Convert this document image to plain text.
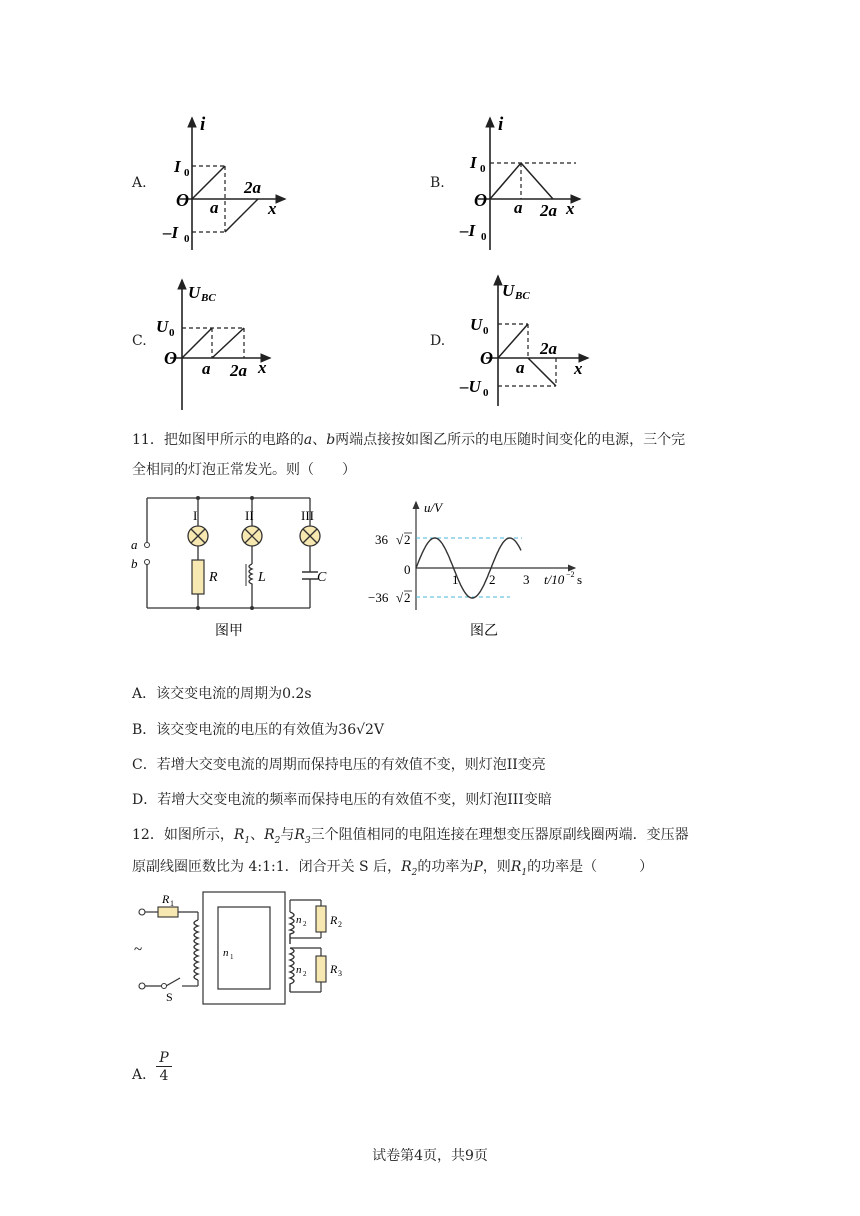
A.
i
I 0
O a
2a
x
–I 0
B.
i
I 0
O a 2a x
–I 0
C.
U BC
U 0
O
a 2a x
D.
U BC
U 0
O a
2a
x
–U 0
11．把如图甲所示的电路的a、b两端点接按如图乙所示的电压随时间变化的电源，三个完
全相同的灯泡正常发光。则（　　）
I	II	III
a
b
R	L	C
图甲
u/V
36 √ 2
0
−36 √ 2
1 2 3 t/10 −2 s
图乙
A．该交变电流的周期为0.2s
B．该交变电流的电压的有效值为36√2V
C．若增大交变电流的周期而保持电压的有效值不变，则灯泡II变亮
D．若增大交变电流的频率而保持电压的有效值不变，则灯泡III变暗
12．如图所示，$R_1$、$R_2$与$R_3$三个阻值相同的电阻连接在理想变压器原副线圈两端．变压器
原副线圈匝数比为 4:1:1．闭合开关 S 后，$R_2$的功率为P，则$R_1$的功率是（　　　）
R 1
R 2
R 3
n 1
n 2
n 2
~
S
A．
P
4
试卷第4页，共9页
